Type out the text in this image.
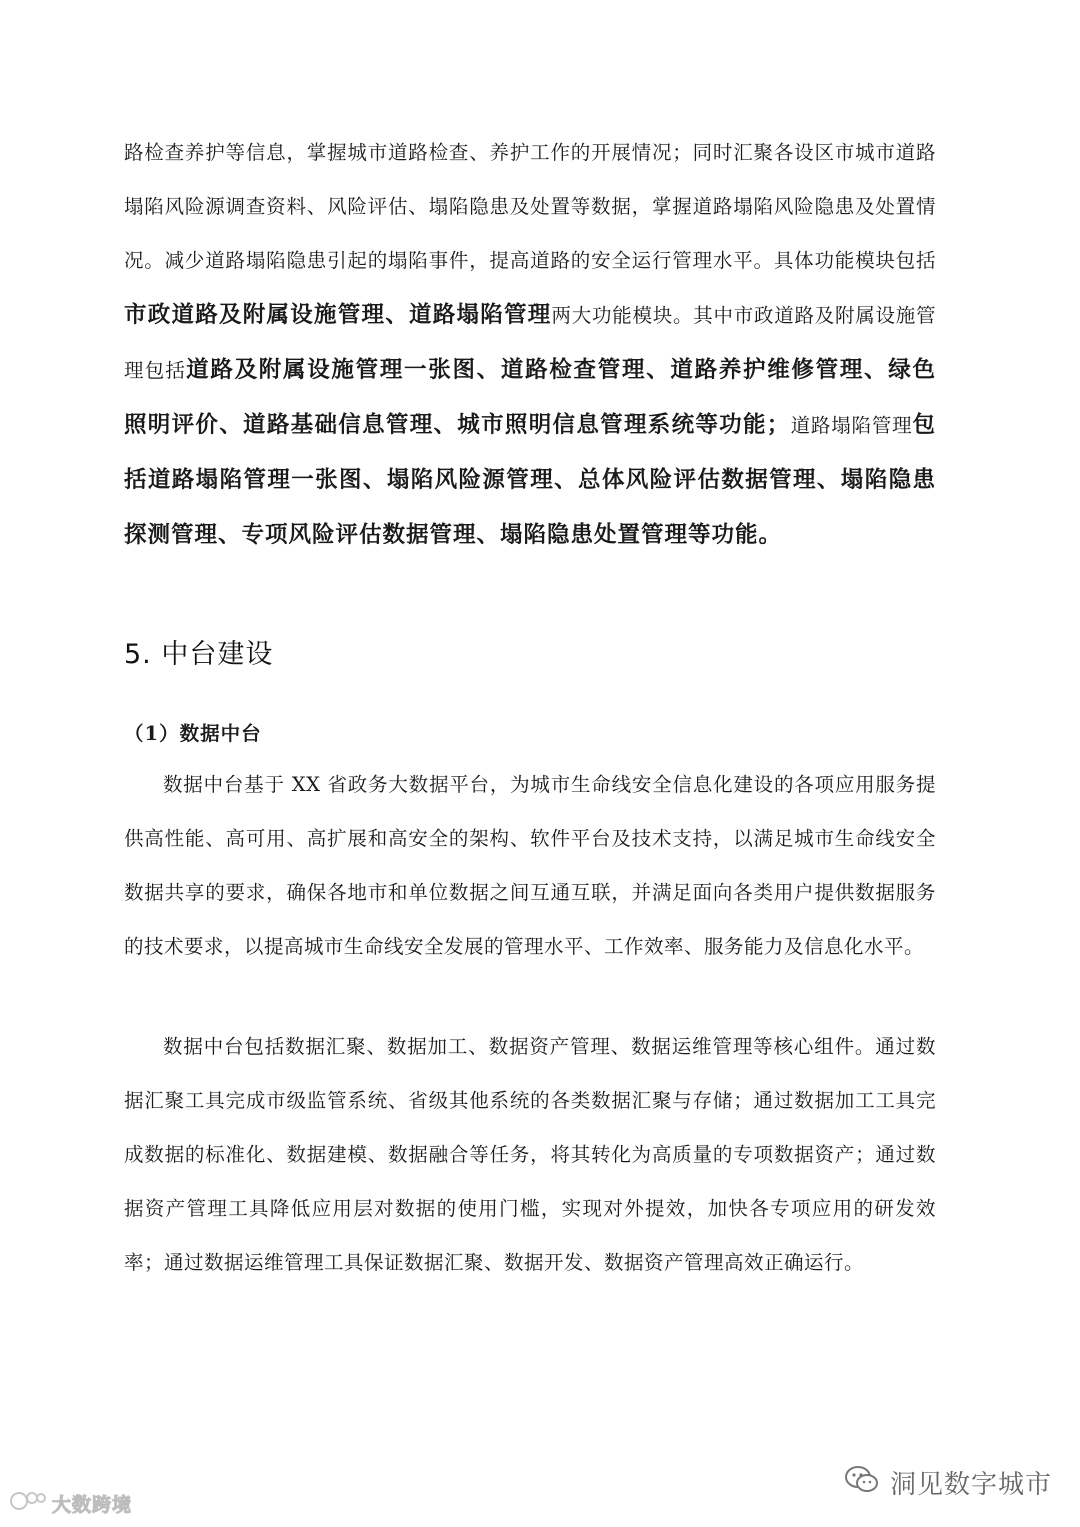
路检查养护等信息，掌握城市道路检查、养护工作的开展情况；同时汇聚各设区市城市道路塌陷风险源调查资料、风险评估、塌陷隐患及处置等数据，掌握道路塌陷风险隐患及处置情况。减少道路塌陷隐患引起的塌陷事件，提高道路的安全运行管理水平。具体功能模块包括市政道路及附属设施管理、道路塌陷管理两大功能模块。其中市政道路及附属设施管理包括道路及附属设施管理一张图、道路检查管理、道路养护维修管理、绿色照明评价、道路基础信息管理、城市照明信息管理系统等功能；道路塌陷管理包括道路塌陷管理一张图、塌陷风险源管理、总体风险评估数据管理、塌陷隐患探测管理、专项风险评估数据管理、塌陷隐患处置管理等功能。

5. 中台建设
（1）数据中台

数据中台基于 XX 省政务大数据平台，为城市生命线安全信息化建设的各项应用服务提供高性能、高可用、高扩展和高安全的架构、软件平台及技术支持，以满足城市生命线安全数据共享的要求，确保各地市和单位数据之间互通互联，并满足面向各类用户提供数据服务的技术要求，以提高城市生命线安全发展的管理水平、工作效率、服务能力及信息化水平。

数据中台包括数据汇聚、数据加工、数据资产管理、数据运维管理等核心组件。通过数据汇聚工具完成市级监管系统、省级其他系统的各类数据汇聚与存储；通过数据加工工具完成数据的标准化、数据建模、数据融合等任务，将其转化为高质量的专项数据资产；通过数据资产管理工具降低应用层对数据的使用门槛，实现对外提效，加快各专项应用的研发效率；通过数据运维管理工具保证数据汇聚、数据开发、数据资产管理高效正确运行。

大数跨境
洞见数字城市
